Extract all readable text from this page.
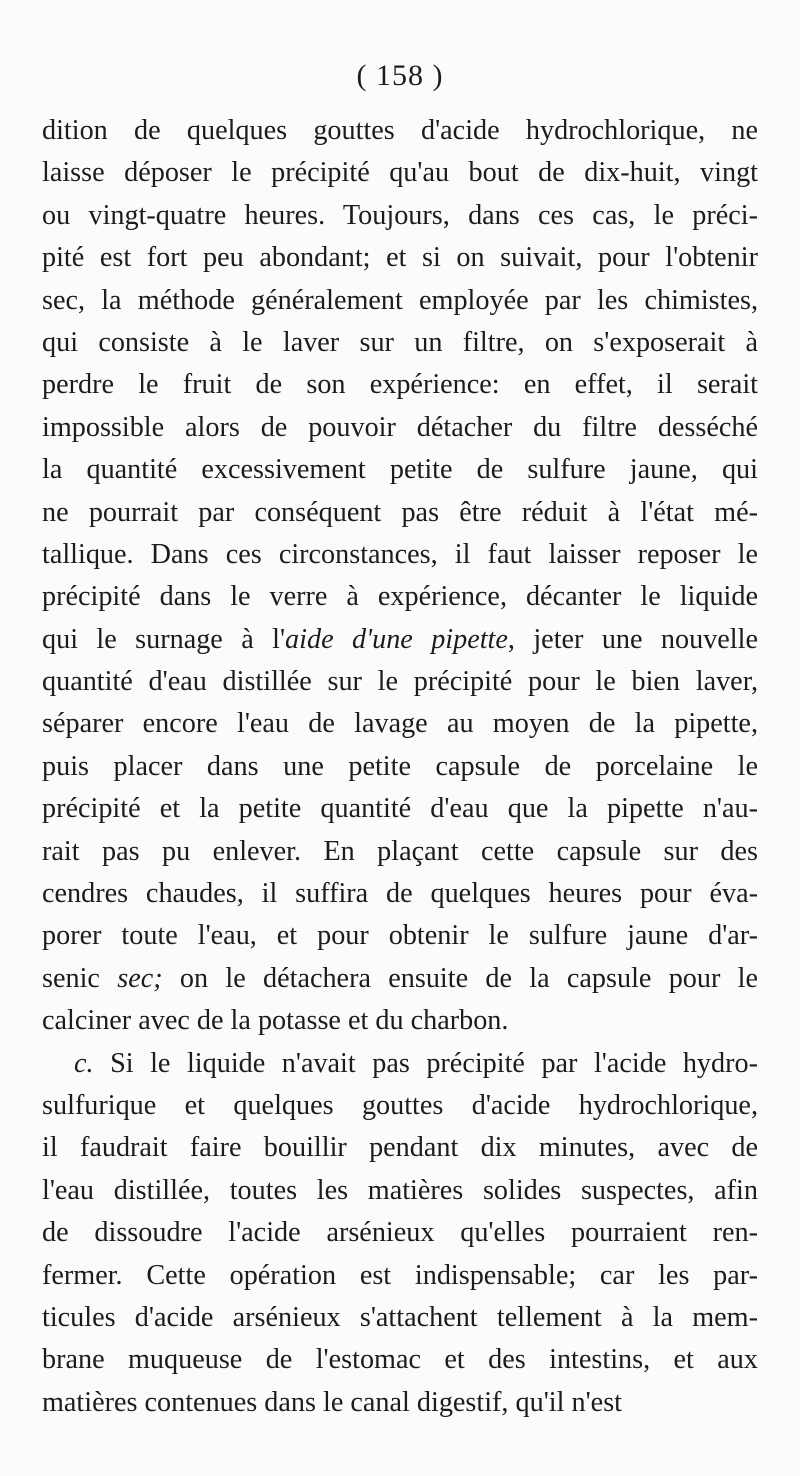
( 158 )
dition de quelques gouttes d'acide hydrochlorique, ne
laisse déposer le précipité qu'au bout de dix-huit, vingt
ou vingt-quatre heures. Toujours, dans ces cas, le préci-
pité est fort peu abondant; et si on suivait, pour l'obtenir
sec, la méthode généralement employée par les chimistes,
qui consiste à le laver sur un filtre, on s'exposerait à
perdre le fruit de son expérience: en effet, il serait
impossible alors de pouvoir détacher du filtre desséché
la quantité excessivement petite de sulfure jaune, qui
ne pourrait par conséquent pas être réduit à l'état mé-
tallique. Dans ces circonstances, il faut laisser reposer le
précipité dans le verre à expérience, décanter le liquide
qui le surnage à l'aide d'une pipette, jeter une nouvelle
quantité d'eau distillée sur le précipité pour le bien laver,
séparer encore l'eau de lavage au moyen de la pipette,
puis placer dans une petite capsule de porcelaine le
précipité et la petite quantité d'eau que la pipette n'au-
rait pas pu enlever. En plaçant cette capsule sur des
cendres chaudes, il suffira de quelques heures pour éva-
porer toute l'eau, et pour obtenir le sulfure jaune d'ar-
senic sec; on le détachera ensuite de la capsule pour le
calciner avec de la potasse et du charbon.
c. Si le liquide n'avait pas précipité par l'acide hydro-
sulfurique et quelques gouttes d'acide hydrochlorique,
il faudrait faire bouillir pendant dix minutes, avec de
l'eau distillée, toutes les matières solides suspectes, afin
de dissoudre l'acide arsénieux qu'elles pourraient ren-
fermer. Cette opération est indispensable; car les par-
ticules d'acide arsénieux s'attachent tellement à la mem-
brane muqueuse de l'estomac et des intestins, et aux
matières contenues dans le canal digestif, qu'il n'est
